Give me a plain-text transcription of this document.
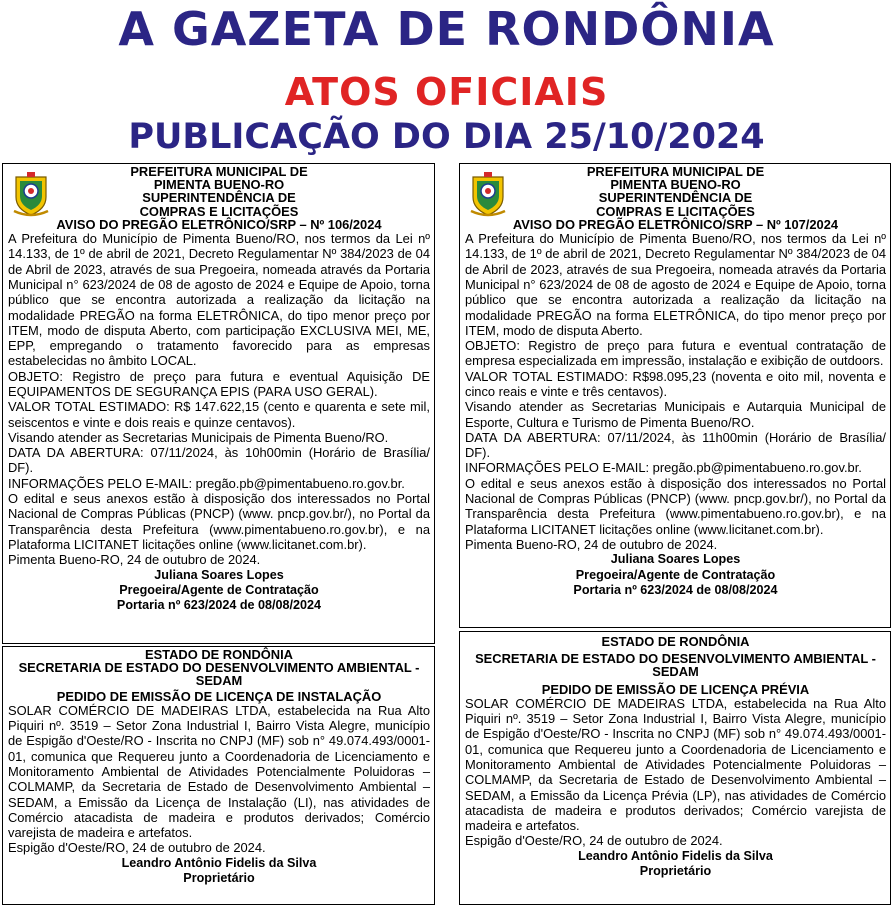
A GAZETA DE RONDÔNIA
ATOS OFICIAIS
PUBLICAÇÃO DO DIA 25/10/2024
PREFEITURA MUNICIPAL DE
PIMENTA BUENO-RO
SUPERINTENDÊNCIA DE
COMPRAS E LICITAÇÕES
AVISO DO PREGÃO ELETRÔNICO/SRP – Nº 106/2024

A Prefeitura do Município de Pimenta Bueno/RO, nos termos da Lei nº 14.133, de 1º de abril de 2021, Decreto Regulamentar Nº 384/2023 de 04 de Abril de 2023, através de sua Pregoeira, nomeada através da Portaria Municipal n° 623/2024 de 08 de agosto de 2024 e Equipe de Apoio, torna público que se encontra autorizada a realização da licitação na modalidade PREGÃO na forma ELETRÔNICA, do tipo menor preço por ITEM, modo de disputa Aberto, com participação EXCLUSIVA MEI, ME, EPP, empregando o tratamento favorecido para as empresas estabelecidas no âmbito LOCAL.

OBJETO: Registro de preço para futura e eventual Aquisição DE EQUIPAMENTOS DE SEGURANÇA EPIS (PARA USO GERAL).

VALOR TOTAL ESTIMADO: R$ 147.622,15 (cento e quarenta e sete mil, seiscentos e vinte e dois reais e quinze centavos).

Visando atender as Secretarias Municipais de Pimenta Bueno/RO.

DATA DA ABERTURA: 07/11/2024, às 10h00min (Horário de Brasília/ DF).

INFORMAÇÕES PELO E-MAIL: pregão.pb@pimentabueno.ro.gov.br.

O edital e seus anexos estão à disposição dos interessados no Portal Nacional de Compras Públicas (PNCP) (www. pncp.gov.br/), no Portal da Transparência desta Prefeitura (www.pimentabueno.ro.gov.br), e na Plataforma LICITANET licitações online (www.licitanet.com.br).

Pimenta Bueno-RO, 24 de outubro de 2024.

Juliana Soares Lopes
Pregoeira/Agente de Contratação
Portaria nº 623/2024 de 08/08/2024
PREFEITURA MUNICIPAL DE
PIMENTA BUENO-RO
SUPERINTENDÊNCIA DE
COMPRAS E LICITAÇÕES
AVISO DO PREGÃO ELETRÔNICO/SRP – Nº 107/2024

A Prefeitura do Município de Pimenta Bueno/RO, nos termos da Lei nº 14.133, de 1º de abril de 2021, Decreto Regulamentar Nº 384/2023 de 04 de Abril de 2023, através de sua Pregoeira, nomeada através da Portaria Municipal n° 623/2024 de 08 de agosto de 2024 e Equipe de Apoio, torna público que se encontra autorizada a realização da licitação na modalidade PREGÃO na forma ELETRÔNICA, do tipo menor preço por ITEM, modo de disputa Aberto.

OBJETO: Registro de preço para futura e eventual contratação de empresa especializada em impressão, instalação e exibição de outdoors.

VALOR TOTAL ESTIMADO: R$98.095,23 (noventa e oito mil, noventa e cinco reais e vinte e três centavos).

Visando atender as Secretarias Municipais e Autarquia Municipal de Esporte, Cultura e Turismo de Pimenta Bueno/RO.

DATA DA ABERTURA: 07/11/2024, às 11h00min (Horário de Brasília/ DF).

INFORMAÇÕES PELO E-MAIL: pregão.pb@pimentabueno.ro.gov.br.

O edital e seus anexos estão à disposição dos interessados no Portal Nacional de Compras Públicas (PNCP) (www. pncp.gov.br/), no Portal da Transparência desta Prefeitura (www.pimentabueno.ro.gov.br), e na Plataforma LICITANET licitações online (www.licitanet.com.br).

Pimenta Bueno-RO, 24 de outubro de 2024.

Juliana Soares Lopes
Pregoeira/Agente de Contratação
Portaria nº 623/2024 de 08/08/2024
ESTADO DE RONDÔNIA
SECRETARIA DE ESTADO DO DESENVOLVIMENTO AMBIENTAL - SEDAM
PEDIDO DE EMISSÃO DE LICENÇA DE INSTALAÇÃO

SOLAR COMÉRCIO DE MADEIRAS LTDA, estabelecida na Rua Alto Piquiri nº. 3519 – Setor Zona Industrial I, Bairro Vista Alegre, município de Espigão d'Oeste/RO - Inscrita no CNPJ (MF) sob n° 49.074.493/0001-01, comunica que Requereu junto a Coordenadoria de Licenciamento e Monitoramento Ambiental de Atividades Potencialmente Poluidoras – COLMAMP, da Secretaria de Estado de Desenvolvimento Ambiental – SEDAM, a Emissão da Licença de Instalação (LI), nas atividades de Comércio atacadista de madeira e produtos derivados; Comércio varejista de madeira e artefatos.

Espigão d'Oeste/RO, 24 de outubro de 2024.

Leandro Antônio Fidelis da Silva
Proprietário
ESTADO DE RONDÔNIA
SECRETARIA DE ESTADO DO DESENVOLVIMENTO AMBIENTAL - SEDAM
PEDIDO DE EMISSÃO DE LICENÇA PRÉVIA

SOLAR COMÉRCIO DE MADEIRAS LTDA, estabelecida na Rua Alto Piquiri nº. 3519 – Setor Zona Industrial I, Bairro Vista Alegre, município de Espigão d'Oeste/RO - Inscrita no CNPJ (MF) sob n° 49.074.493/0001-01, comunica que Requereu junto a Coordenadoria de Licenciamento e Monitoramento Ambiental de Atividades Potencialmente Poluidoras – COLMAMP, da Secretaria de Estado de Desenvolvimento Ambiental – SEDAM, a Emissão da Licença Prévia (LP), nas atividades de Comércio atacadista de madeira e produtos derivados; Comércio varejista de madeira e artefatos.

Espigão d'Oeste/RO, 24 de outubro de 2024.

Leandro Antônio Fidelis da Silva
Proprietário
